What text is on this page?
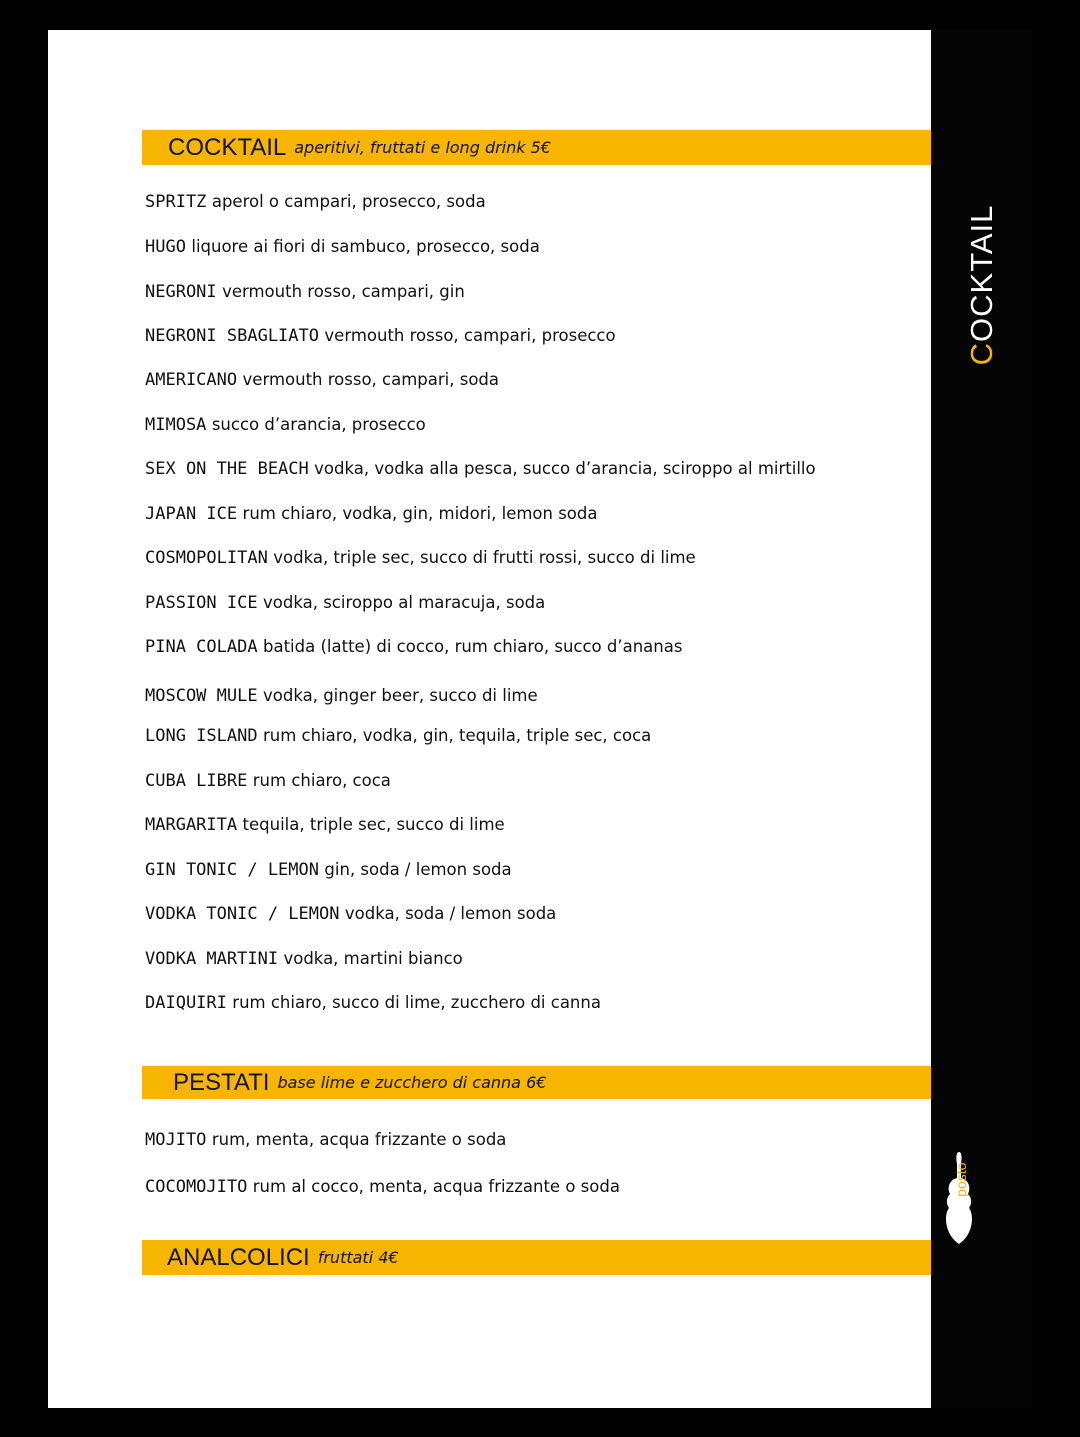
COCKTAIL
COCKTAIL aperitivi, fruttati e long drink 5€
SPRITZ aperol o campari, prosecco, soda
HUGO liquore ai fiori di sambuco, prosecco, soda
NEGRONI vermouth rosso, campari, gin
NEGRONI SBAGLIATO vermouth rosso, campari, prosecco
AMERICANO vermouth rosso, campari, soda
MIMOSA succo d’arancia, prosecco
SEX ON THE BEACH vodka, vodka alla pesca, succo d’arancia, sciroppo al mirtillo
JAPAN ICE rum chiaro, vodka, gin, midori, lemon soda
COSMOPOLITAN vodka, triple sec, succo di frutti rossi, succo di lime
PASSION ICE vodka, sciroppo al maracuja, soda
PINA COLADA batida (latte) di cocco, rum chiaro, succo d’ananas
MOSCOW MULE vodka, ginger beer, succo di lime
LONG ISLAND rum chiaro, vodka, gin, tequila, triple sec, coca
CUBA LIBRE rum chiaro, coca
MARGARITA tequila, triple sec, succo di lime
GIN TONIC / LEMON gin, soda / lemon soda
VODKA TONIC / LEMON vodka, soda / lemon soda
VODKA MARTINI vodka, martini bianco
DAIQUIRI rum chiaro, succo di lime, zucchero di canna
PESTATI base lime e zucchero di canna 6€
MOJITO rum, menta, acqua frizzante o soda
COCOMOJITO rum al cocco, menta, acqua frizzante o soda
ANALCOLICI fruttati 4€
solito posto
